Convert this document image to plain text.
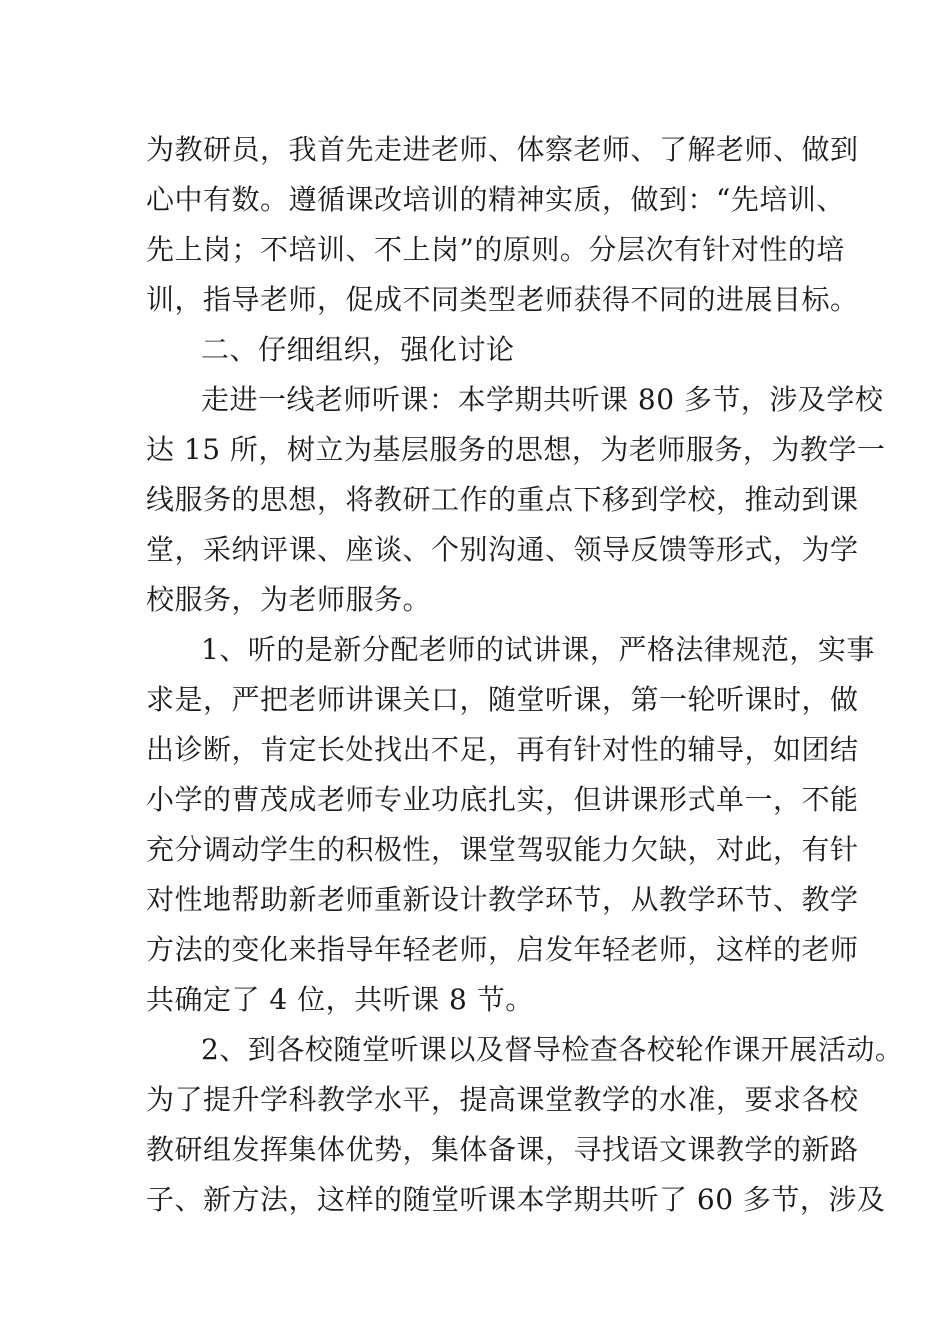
为教研员，我首先走进老师、体察老师、了解老师、做到
心中有数。遵循课改培训的精神实质，做到：“先培训、
先上岗；不培训、不上岗”的原则。分层次有针对性的培
训，指导老师，促成不同类型老师获得不同的进展目标。
二、仔细组织，强化讨论
走进一线老师听课：本学期共听课 80 多节，涉及学校
达 15 所，树立为基层服务的思想，为老师服务，为教学一
线服务的思想，将教研工作的重点下移到学校，推动到课
堂，采纳评课、座谈、个别沟通、领导反馈等形式，为学
校服务，为老师服务。
1、听的是新分配老师的试讲课，严格法律规范，实事
求是，严把老师讲课关口，随堂听课，第一轮听课时，做
出诊断，肯定长处找出不足，再有针对性的辅导，如团结
小学的曹茂成老师专业功底扎实，但讲课形式单一，不能
充分调动学生的积极性，课堂驾驭能力欠缺，对此，有针
对性地帮助新老师重新设计教学环节，从教学环节、教学
方法的变化来指导年轻老师，启发年轻老师，这样的老师
共确定了 4 位，共听课 8 节。
2、到各校随堂听课以及督导检查各校轮作课开展活动。
为了提升学科教学水平，提高课堂教学的水准，要求各校
教研组发挥集体优势，集体备课，寻找语文课教学的新路
子、新方法，这样的随堂听课本学期共听了 60 多节，涉及
